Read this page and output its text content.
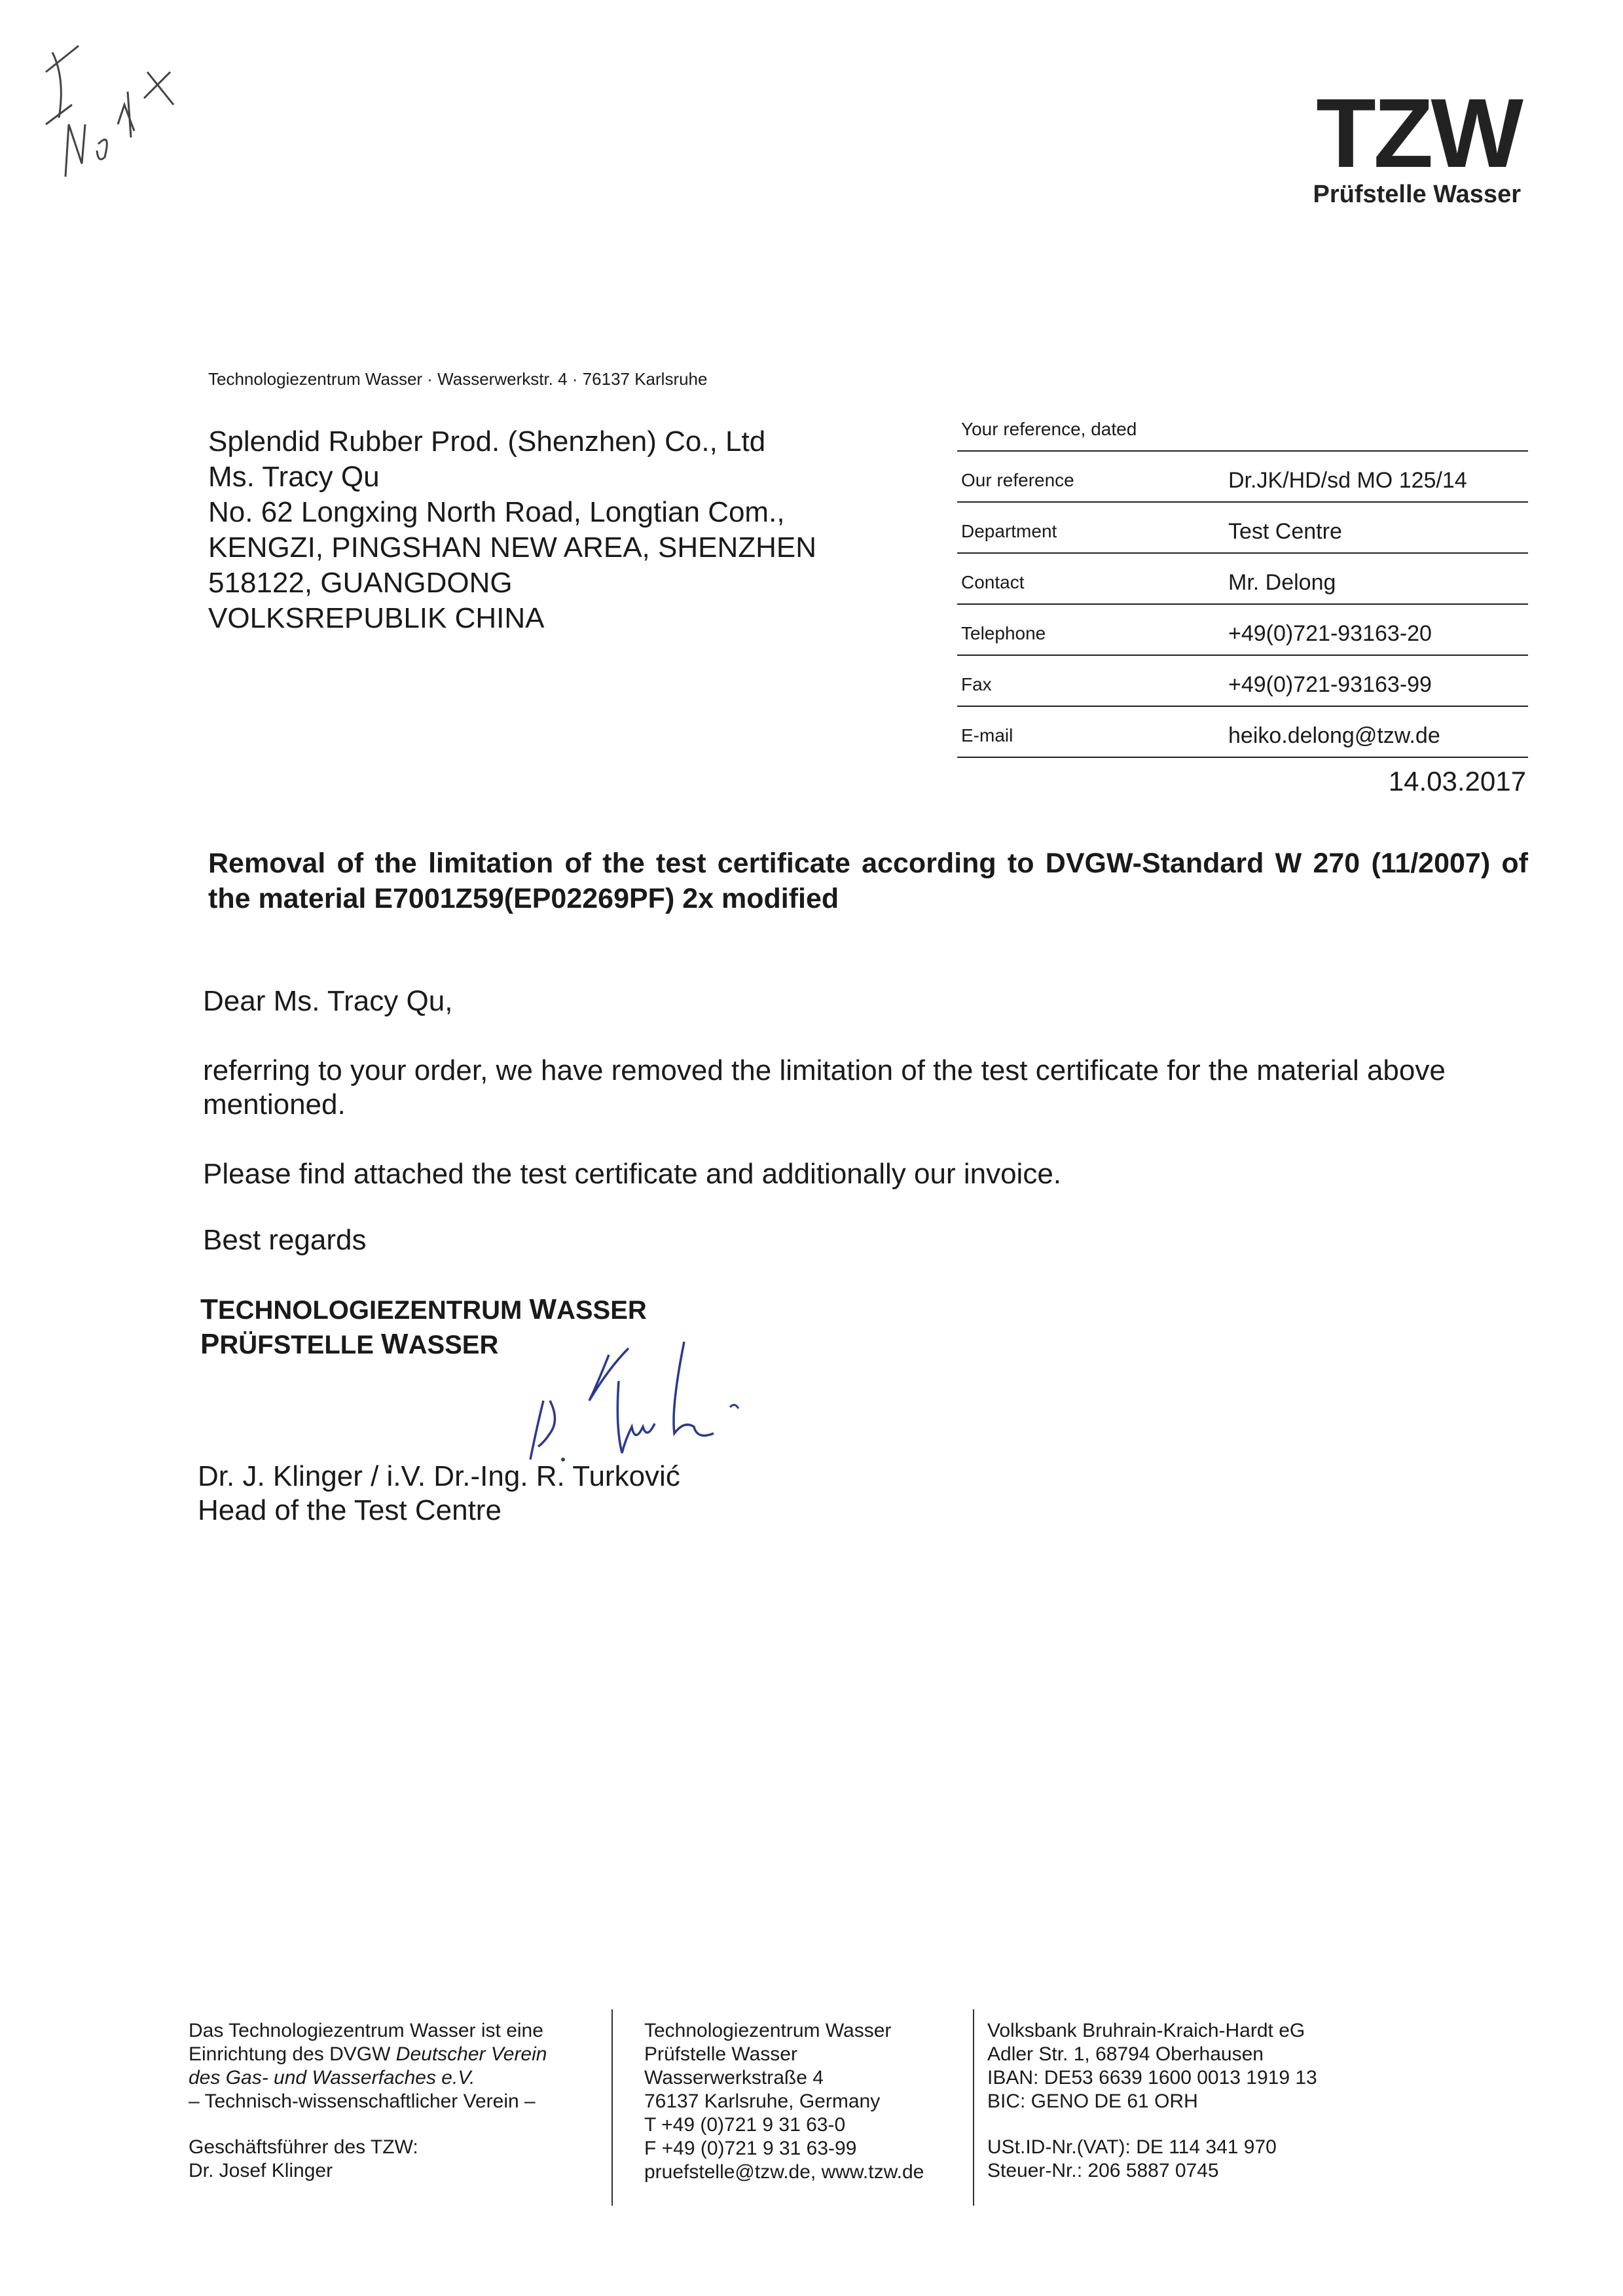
TZW
Prüfstelle Wasser
Technologiezentrum Wasser · Wasserwerkstr. 4 · 76137 Karlsruhe
Splendid Rubber Prod. (Shenzhen) Co., Ltd
Ms. Tracy Qu
No. 62 Longxing North Road, Longtian Com.,
KENGZI, PINGSHAN NEW AREA, SHENZHEN
518122, GUANGDONG
VOLKSREPUBLIK CHINA
Your reference, dated
Our reference	Dr.JK/HD/sd MO 125/14
Department	Test Centre
Contact	Mr. Delong
Telephone	+49(0)721-93163-20
Fax	+49(0)721-93163-99
E-mail	heiko.delong@tzw.de
14.03.2017
Removal of the limitation of the test certificate according to DVGW-Standard W 270 (11/2007) of the material E7001Z59(EP02269PF) 2x modified
Dear Ms. Tracy Qu,
referring to your order, we have removed the limitation of the test certificate for the material above mentioned.
Please find attached the test certificate and additionally our invoice.
Best regards
TECHNOLOGIEZENTRUM WASSER
PRÜFSTELLE WASSER
Dr. J. Klinger / i.V. Dr.-Ing. R. Turković
Head of the Test Centre
Das Technologiezentrum Wasser ist eine
Einrichtung des DVGW Deutscher Verein
des Gas- und Wasserfaches e.V.
– Technisch-wissenschaftlicher Verein –
Geschäftsführer des TZW:
Dr. Josef Klinger
Technologiezentrum Wasser
Prüfstelle Wasser
Wasserwerkstraße 4
76137 Karlsruhe, Germany
T +49 (0)721 9 31 63-0
F +49 (0)721 9 31 63-99
pruefstelle@tzw.de, www.tzw.de
Volksbank Bruhrain-Kraich-Hardt eG
Adler Str. 1, 68794 Oberhausen
IBAN: DE53 6639 1600 0013 1919 13
BIC: GENO DE 61 ORH
USt.ID-Nr.(VAT): DE 114 341 970
Steuer-Nr.: 206 5887 0745
